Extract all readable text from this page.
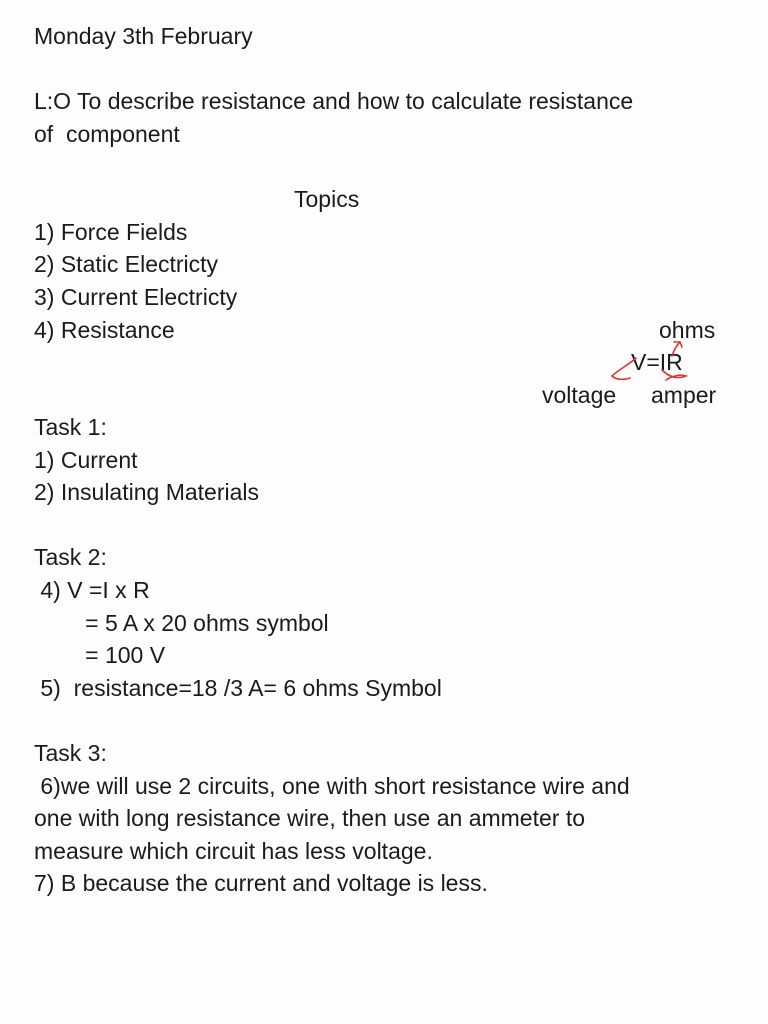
Monday 3th February
L:O To describe resistance and how to calculate resistance
of  component
Topics
1) Force Fields
2) Static Electricty
3) Current Electricty
4) Resistance	ohms
V=IR
voltage amper
Task 1:
1) Current
2) Insulating Materials
Task 2:
4) V =I x R
= 5 A x 20 ohms symbol
= 100 V
5)  resistance=18 /3 A= 6 ohms Symbol
Task 3:
6)we will use 2 circuits, one with short resistance wire and
one with long resistance wire, then use an ammeter to
measure which circuit has less voltage.
7) B because the current and voltage is less.
